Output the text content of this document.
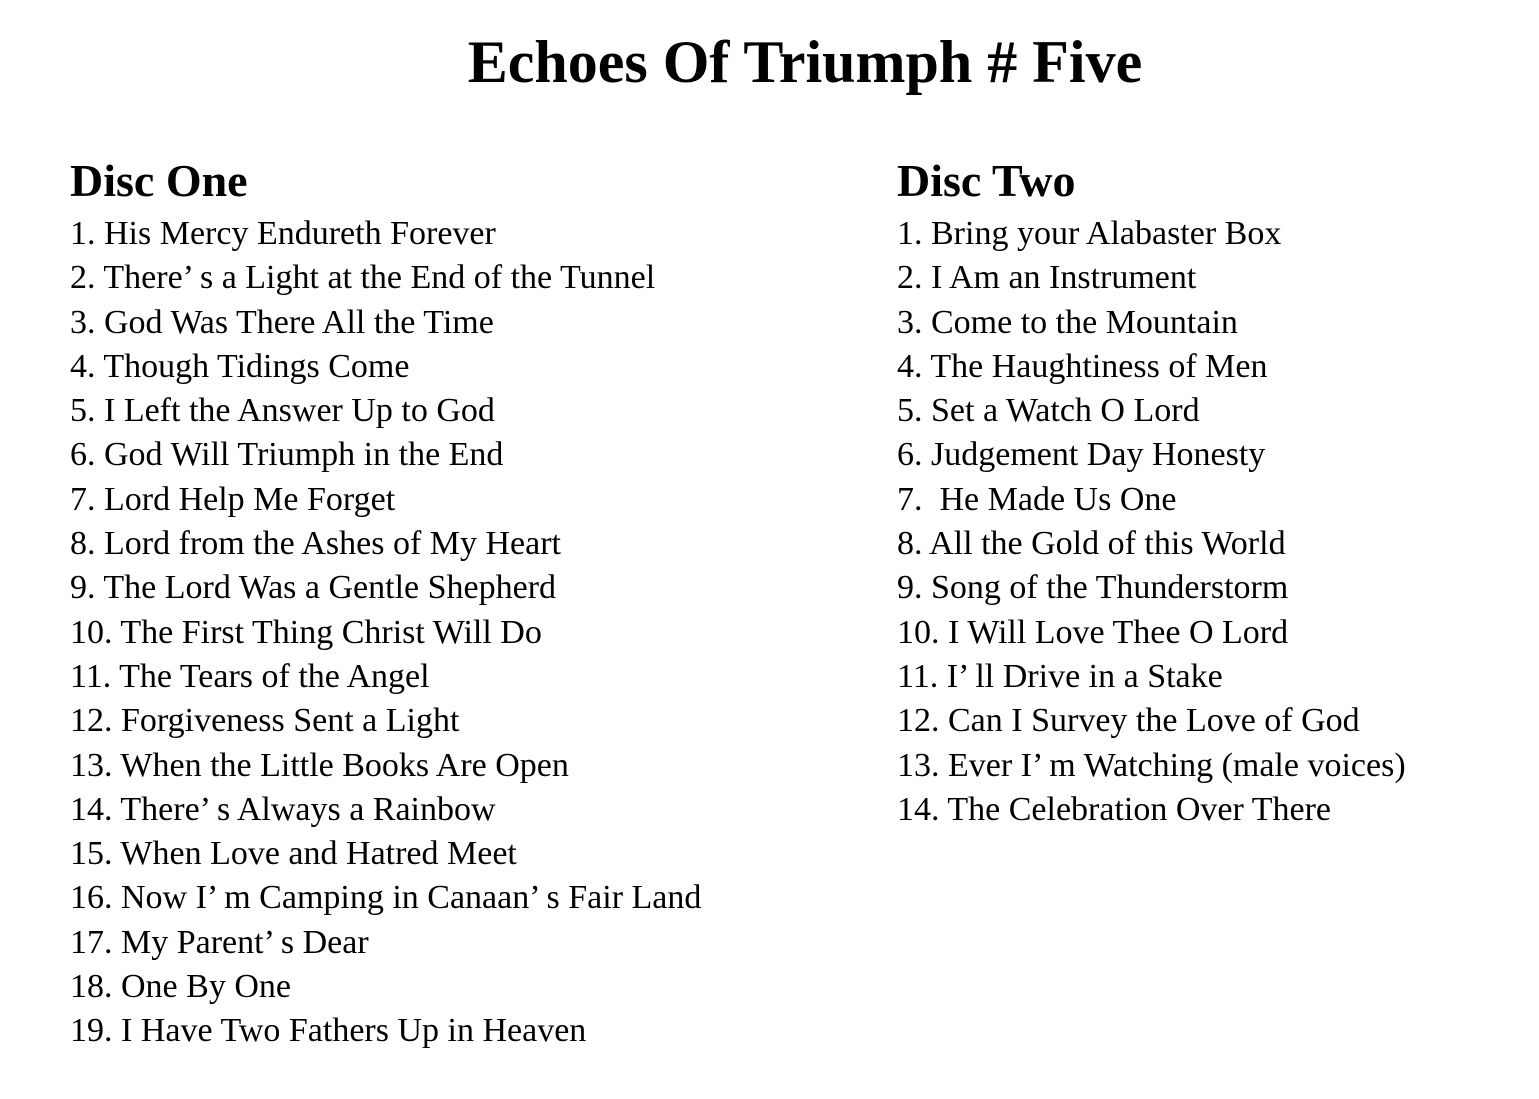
Echoes Of Triumph # Five
Disc One
1. His Mercy Endureth Forever
2. There’ s a Light at the End of the Tunnel
3. God Was There All the Time
4. Though Tidings Come
5. I Left the Answer Up to God
6. God Will Triumph in the End
7. Lord Help Me Forget
8. Lord from the Ashes of My Heart
9. The Lord Was a Gentle Shepherd
10. The First Thing Christ Will Do
11. The Tears of the Angel
12. Forgiveness Sent a Light
13. When the Little Books Are Open
14. There’ s Always a Rainbow
15. When Love and Hatred Meet
16. Now I’ m Camping in Canaan’ s Fair Land
17. My Parent’ s Dear
18. One By One
19. I Have Two Fathers Up in Heaven
Disc Two
1. Bring your Alabaster Box
2. I Am an Instrument
3. Come to the Mountain
4. The Haughtiness of Men
5. Set a Watch O Lord
6. Judgement Day Honesty
7.  He Made Us One
8. All the Gold of this World
9. Song of the Thunderstorm
10. I Will Love Thee O Lord
11. I’ ll Drive in a Stake
12. Can I Survey the Love of God
13. Ever I’ m Watching (male voices)
14. The Celebration Over There
